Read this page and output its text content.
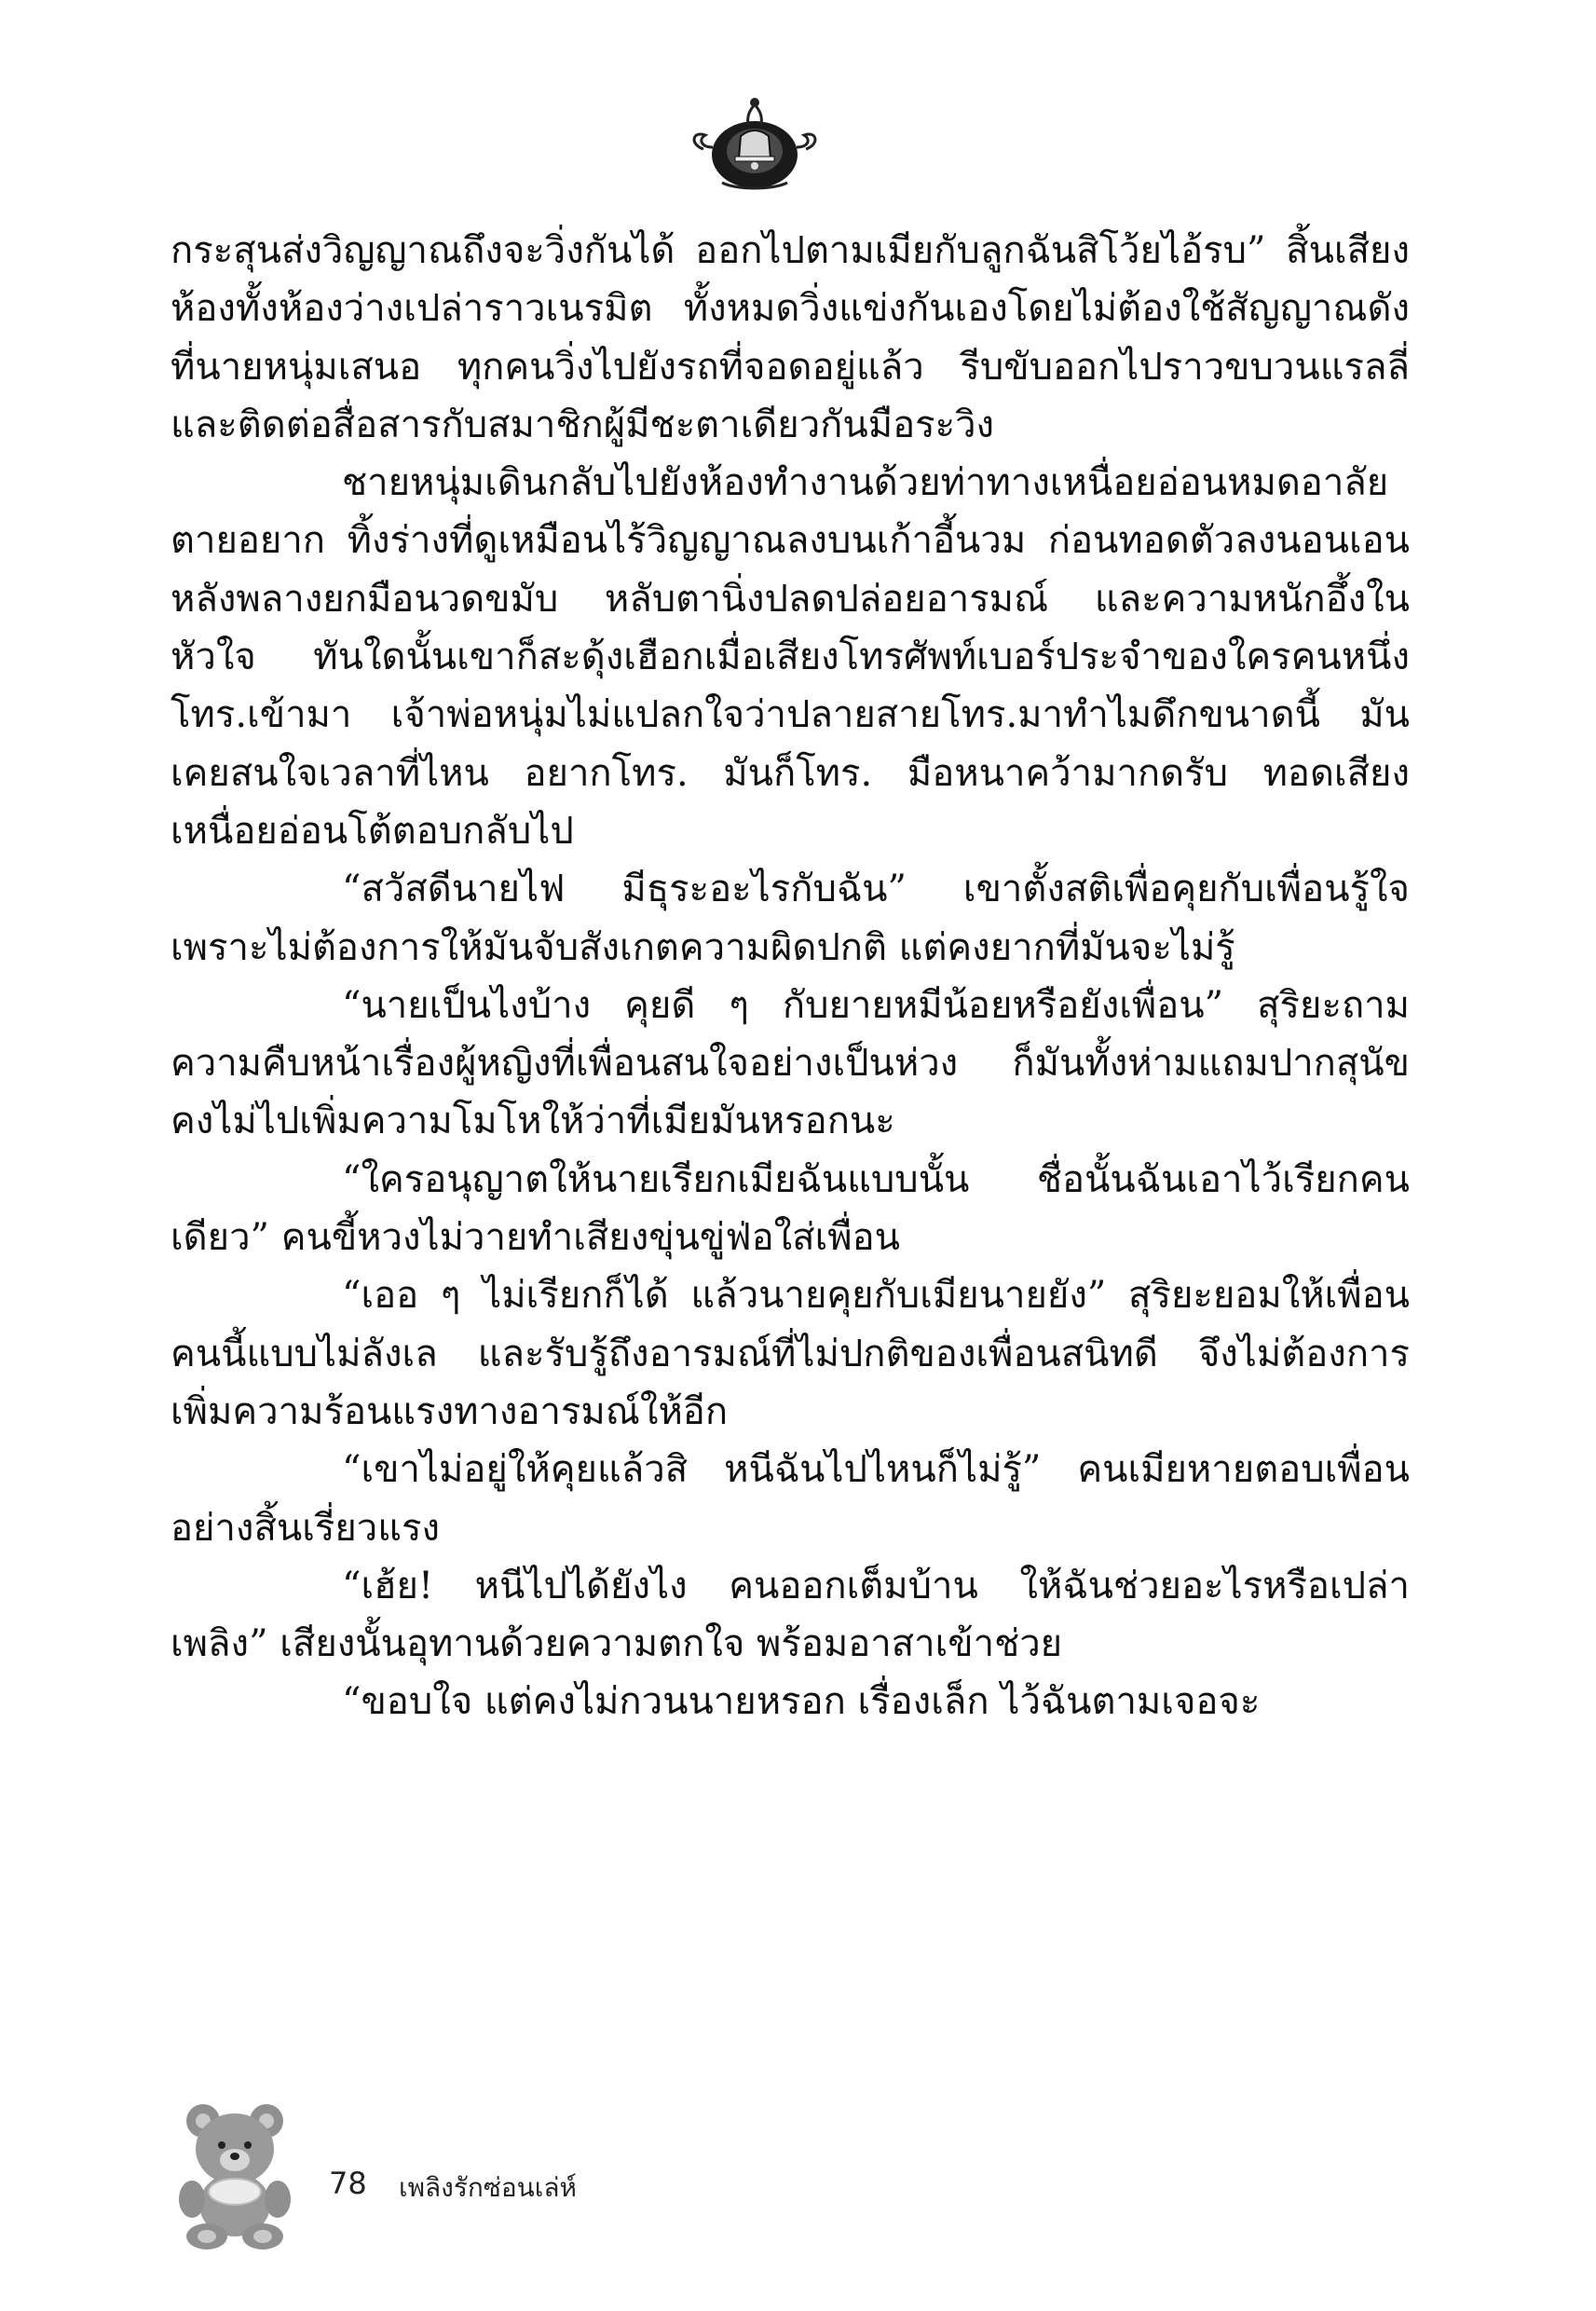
กระสุนส่งวิญญาณถึงจะวิ่งกันได้ ออกไปตามเมียกับลูกฉันสิโว้ยไอ้รบ” สิ้นเสียง ห้องทั้งห้องว่างเปล่าราวเนรมิต ทั้งหมดวิ่งแข่งกันเองโดยไม่ต้องใช้สัญญาณดังที่นายหนุ่มเสนอ ทุกคนวิ่งไปยังรถที่จอดอยู่แล้ว รีบขับออกไปราวขบวนแรลลี่ และติดต่อสื่อสารกับสมาชิกผู้มีชะตาเดียวกันมือระวิง

ชายหนุ่มเดินกลับไปยังห้องทำงานด้วยท่าทางเหนื่อยอ่อนหมดอาลัยตายอยาก ทิ้งร่างที่ดูเหมือนไร้วิญญาณลงบนเก้าอี้นวม ก่อนทอดตัวลงนอนเอนหลังพลางยกมือนวดขมับ หลับตานิ่งปลดปล่อยอารมณ์ และความหนักอึ้งในหัวใจ ทันใดนั้นเขาก็สะดุ้งเฮือกเมื่อเสียงโทรศัพท์เบอร์ประจำของใครคนหนึ่งโทร.เข้ามา เจ้าพ่อหนุ่มไม่แปลกใจว่าปลายสายโทร.มาทำไมดึกขนาดนี้ มันเคยสนใจเวลาที่ไหน อยากโทร. มันก็โทร. มือหนาคว้ามากดรับ ทอดเสียงเหนื่อยอ่อนโต้ตอบกลับไป

“สวัสดีนายไฟ มีธุระอะไรกับฉัน” เขาตั้งสติเพื่อคุยกับเพื่อนรู้ใจ เพราะไม่ต้องการให้มันจับสังเกตความผิดปกติ แต่คงยากที่มันจะไม่รู้

“นายเป็นไงบ้าง คุยดี ๆ กับยายหมีน้อยหรือยังเพื่อน” สุริยะถามความคืบหน้าเรื่องผู้หญิงที่เพื่อนสนใจอย่างเป็นห่วง ก็มันทั้งห่ามแถมปากสุนัข คงไม่ไปเพิ่มความโมโหให้ว่าที่เมียมันหรอกนะ

“ใครอนุญาตให้นายเรียกเมียฉันแบบนั้น ชื่อนั้นฉันเอาไว้เรียกคนเดียว” คนขี้หวงไม่วายทำเสียงขุ่นขู่ฟ่อใส่เพื่อน

“เออ ๆ ไม่เรียกก็ได้ แล้วนายคุยกับเมียนายยัง” สุริยะยอมให้เพื่อนคนนี้แบบไม่ลังเล และรับรู้ถึงอารมณ์ที่ไม่ปกติของเพื่อนสนิทดี จึงไม่ต้องการเพิ่มความร้อนแรงทางอารมณ์ให้อีก

“เขาไม่อยู่ให้คุยแล้วสิ หนีฉันไปไหนก็ไม่รู้” คนเมียหายตอบเพื่อนอย่างสิ้นเรี่ยวแรง

“เฮ้ย! หนีไปได้ยังไง คนออกเต็มบ้าน ให้ฉันช่วยอะไรหรือเปล่าเพลิง” เสียงนั้นอุทานด้วยความตกใจ พร้อมอาสาเข้าช่วย

“ขอบใจ แต่คงไม่กวนนายหรอก เรื่องเล็ก ไว้ฉันตามเจอจะ

78 เพลิงรักซ่อนเล่ห์
